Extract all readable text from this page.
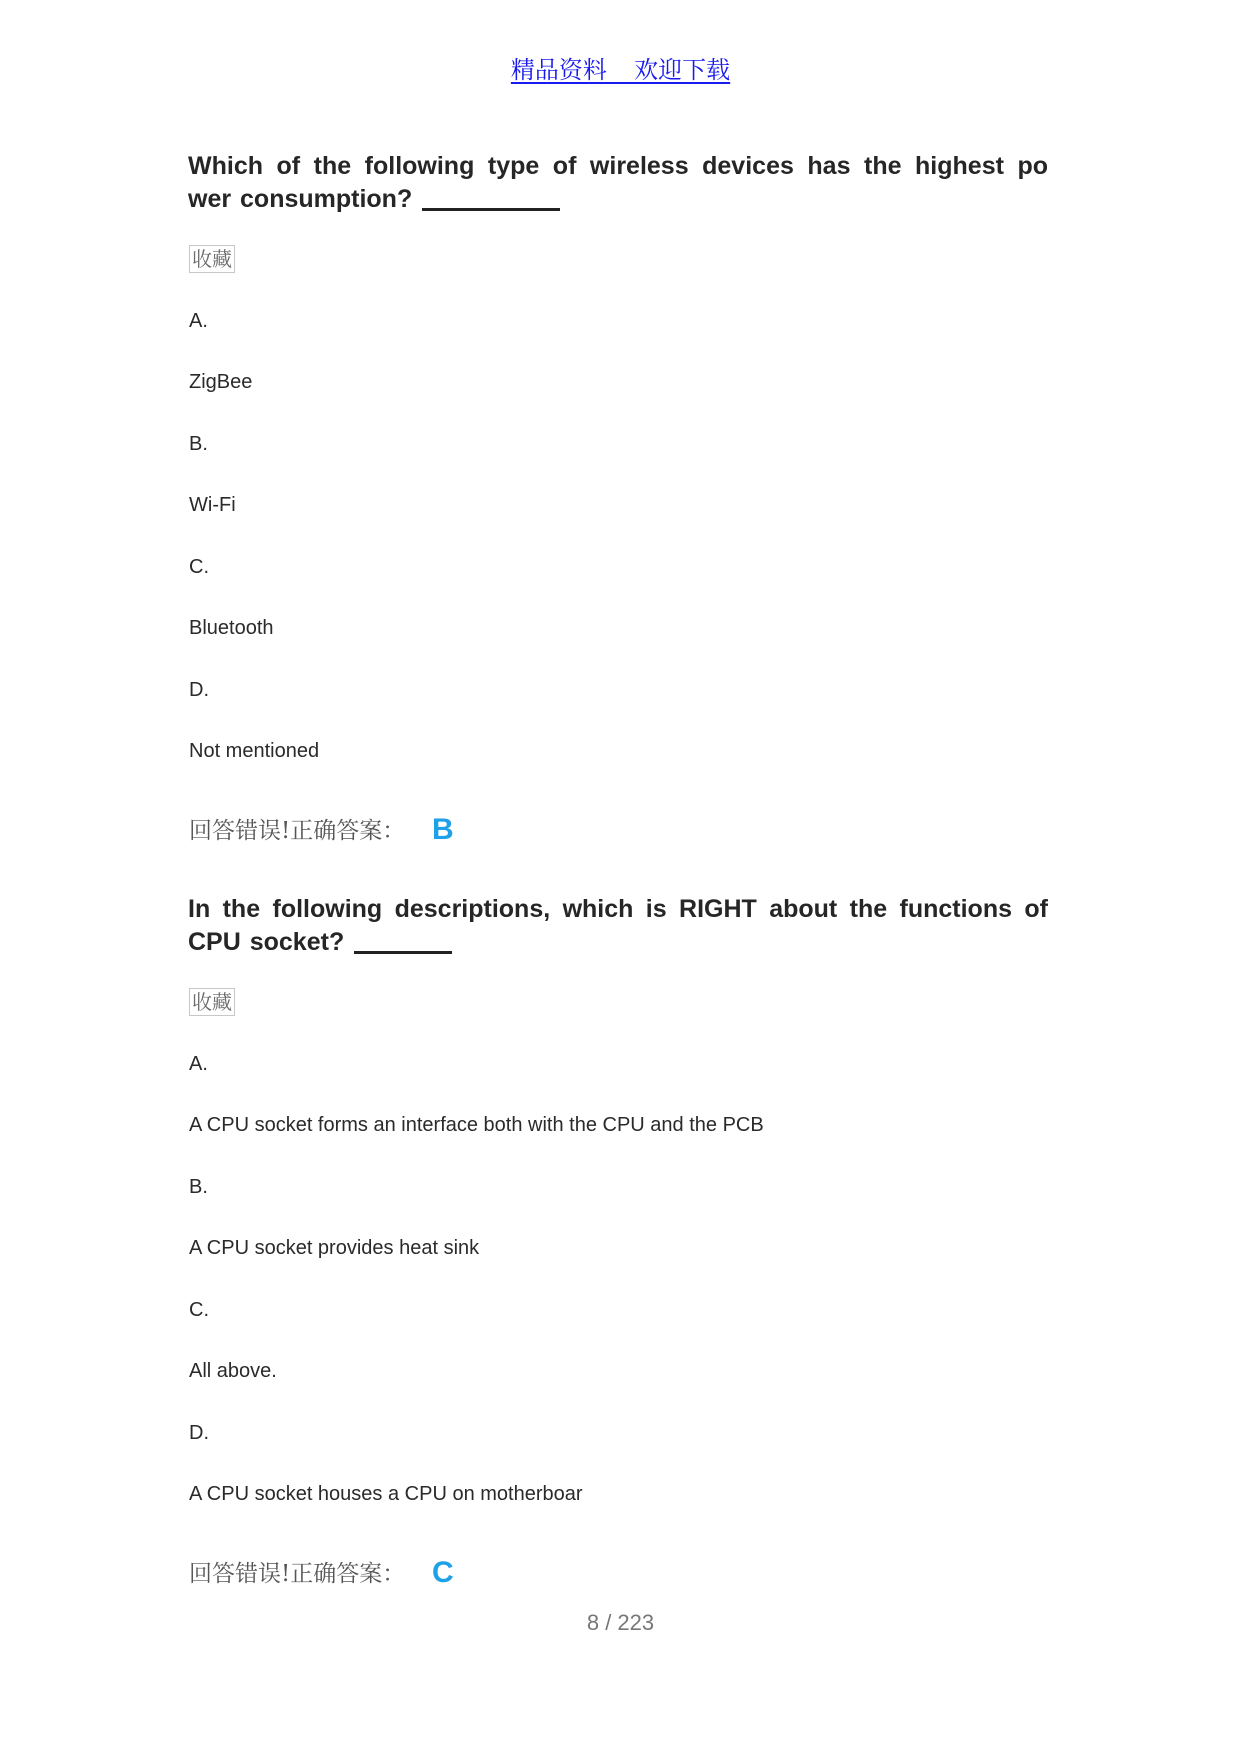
精品资料 _ 欢迎下载
Which of the following type of wireless devices has the highest po wer consumption?
收藏
A.
ZigBee
B.
Wi-Fi
C.
Bluetooth
D.
Not mentioned
回答错误!正确答案： B
In the following descriptions, which is RIGHT about the functions of CPU socket?
收藏
A.
A CPU socket forms an interface both with the CPU and the PCB
B.
A CPU socket provides heat sink
C.
All above.
D.
A CPU socket houses a CPU on motherboar
回答错误!正确答案： C
8 / 223
